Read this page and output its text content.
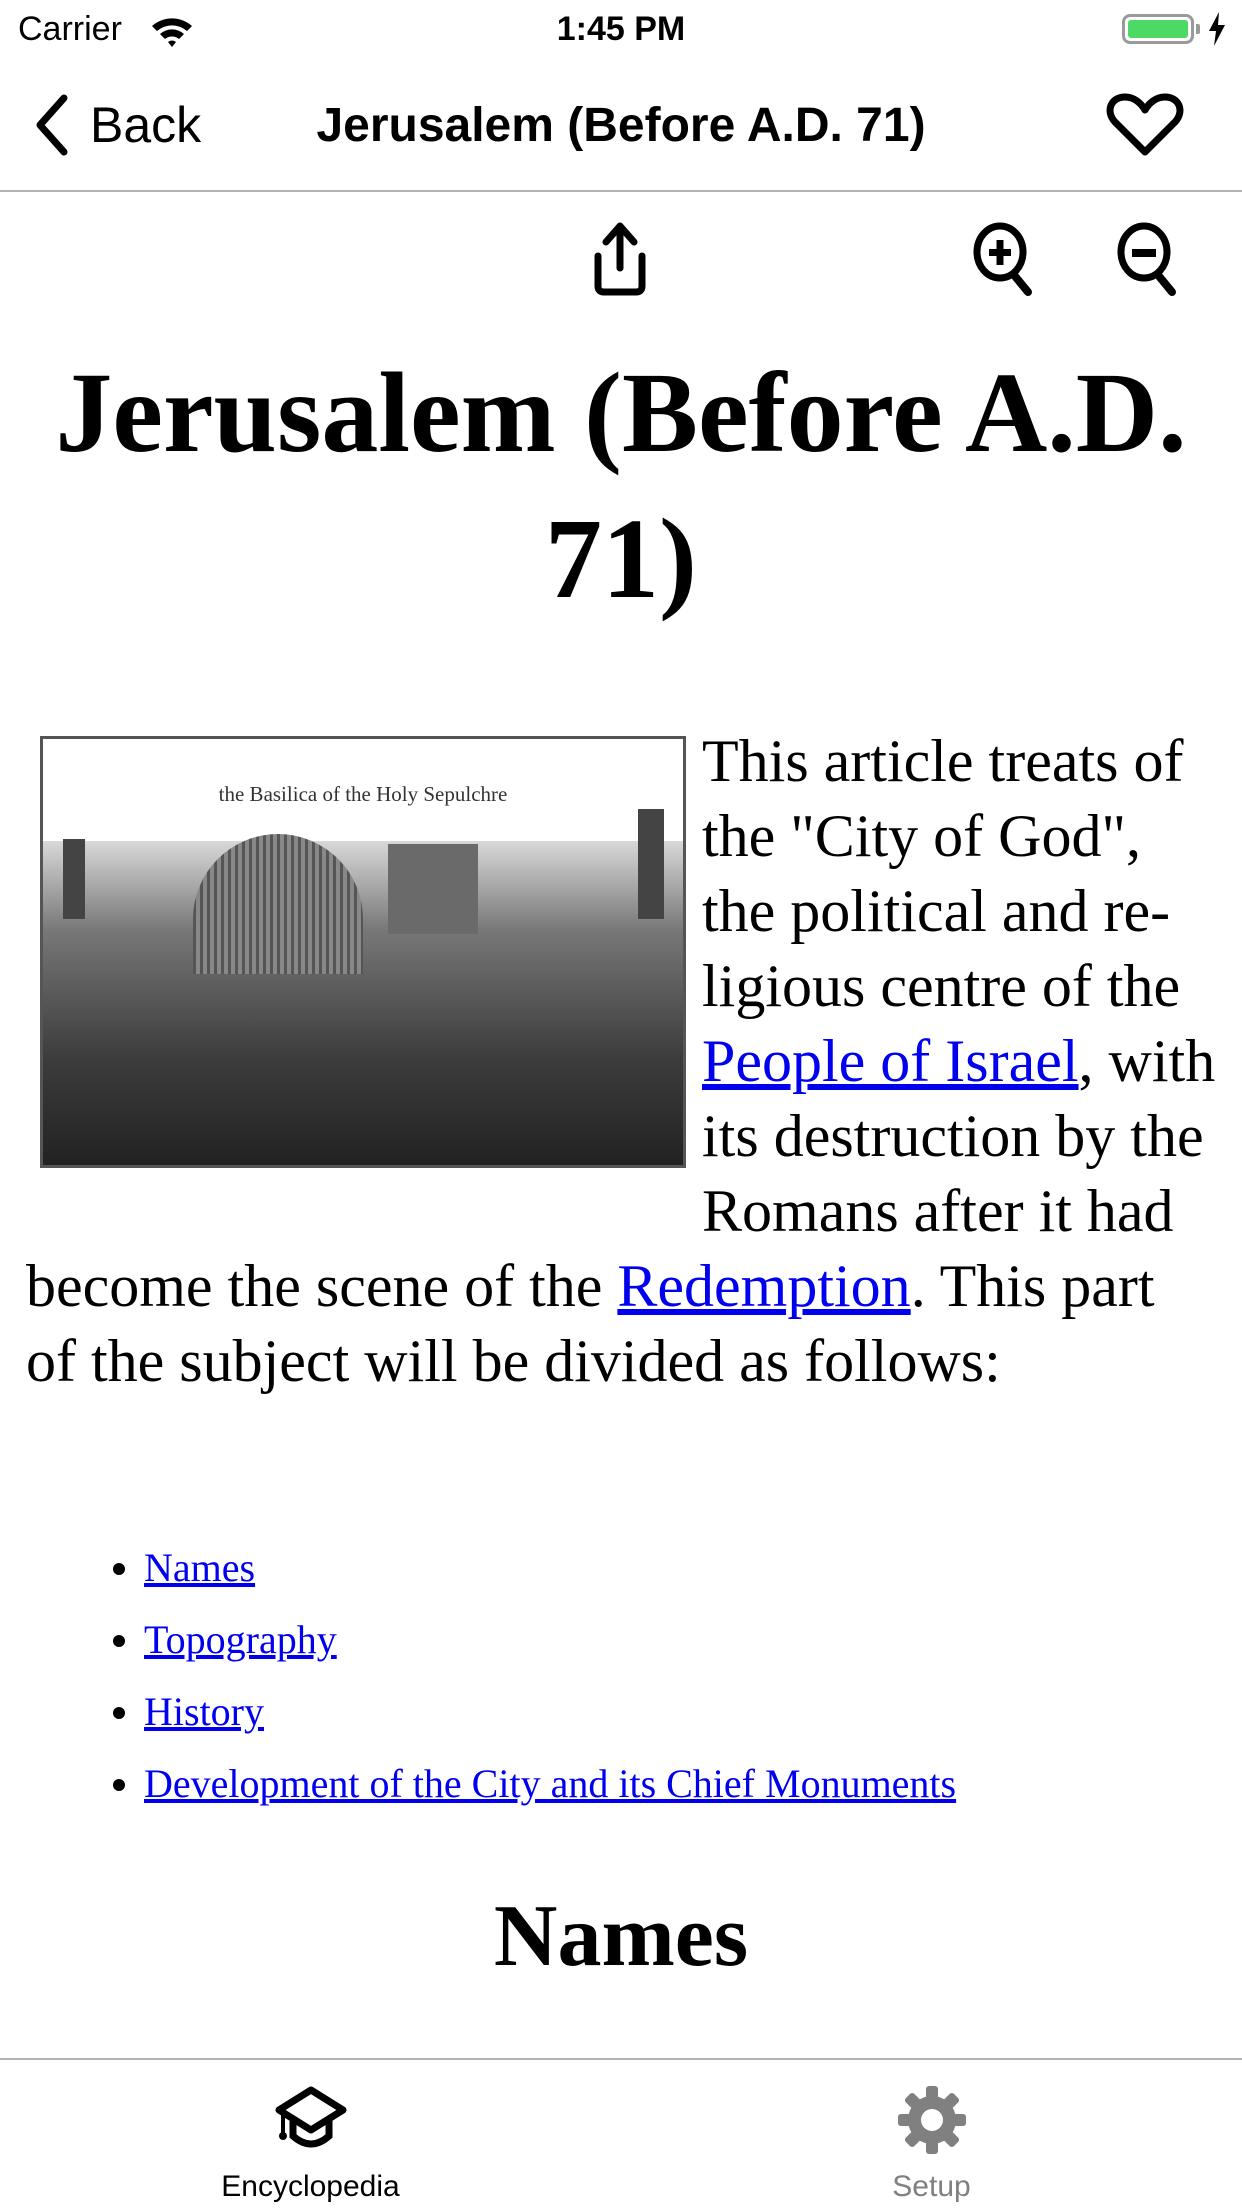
Carrier	1:45 PM
Back	Jerusalem (Before A.D. 71)
Jerusalem (Before A.D. 71)
the Basilica of the Holy Sepulchre	This article treats of the "City of God", the political and re-ligious centre of the People of Israel, with its destruction by the Romans after it had become the scene of the Redemption. This part of the subject will be divided as follows:
• Names
• Topography
• History
• Development of the City and its Chief Monuments
Names
Encyclopedia	Setup
